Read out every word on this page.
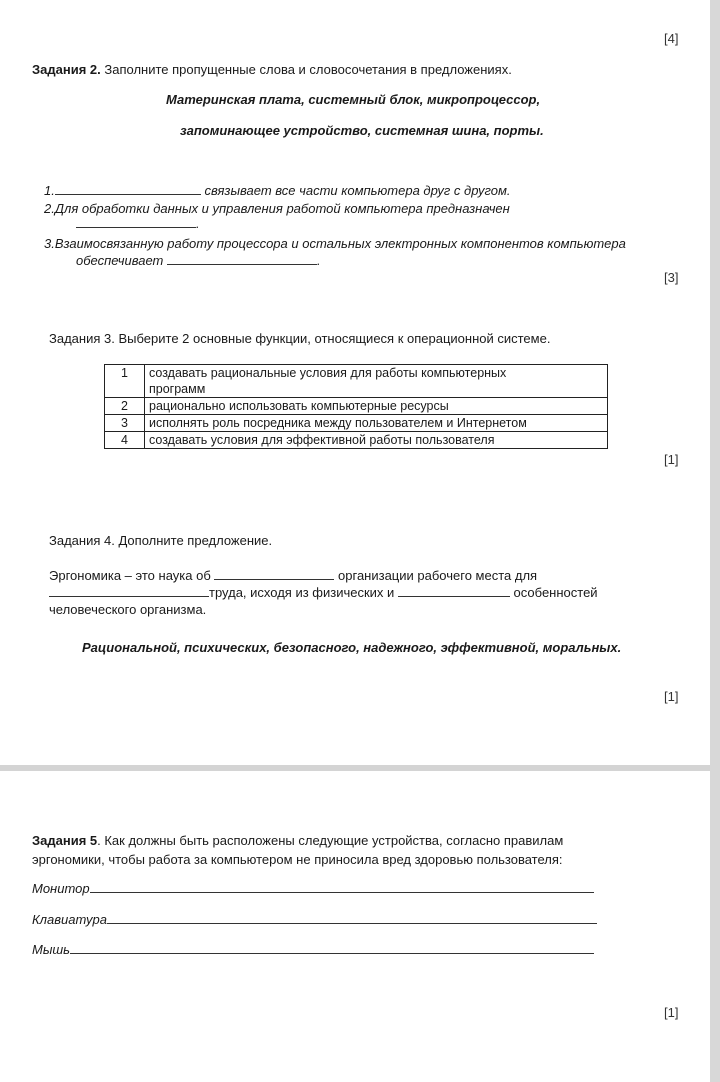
[4]
Задания 2. Заполните пропущенные слова и словосочетания в предложениях.
Материнская плата, системный блок, микропроцессор,
запоминающее устройство, системная шина, порты.
1.	связывает все части компьютера друг с другом.
2.Для обработки данных и управления работой компьютера предназначен
.
3.Взаимосвязанную работу процессора и остальных электронных компонентов компьютера
обеспечивает	.
[3]
Задания 3. Выберите 2 основные функции, относящиеся к операционной системе.
1	создавать рациональные условия для работы компьютерных
программ

2	рационально использовать компьютерные ресурсы
3	исполнять роль посредника между пользователем и Интернетом
4	создавать условия для эффективной работы пользователя
[1]
Задания 4. Дополните предложение.
Эргономика – это наука об	организации рабочего места для
труда, исходя из физических и	особенностей
человеческого организма.
Рациональной, психических, безопасного, надежного, эффективной, моральных.
[1]
Задания 5. Как должны быть расположены следующие устройства, согласно правилам
эргономики, чтобы работа за компьютером не приносила вред здоровью пользователя:
Монитор
Клавиатура
Мышь
[1]
